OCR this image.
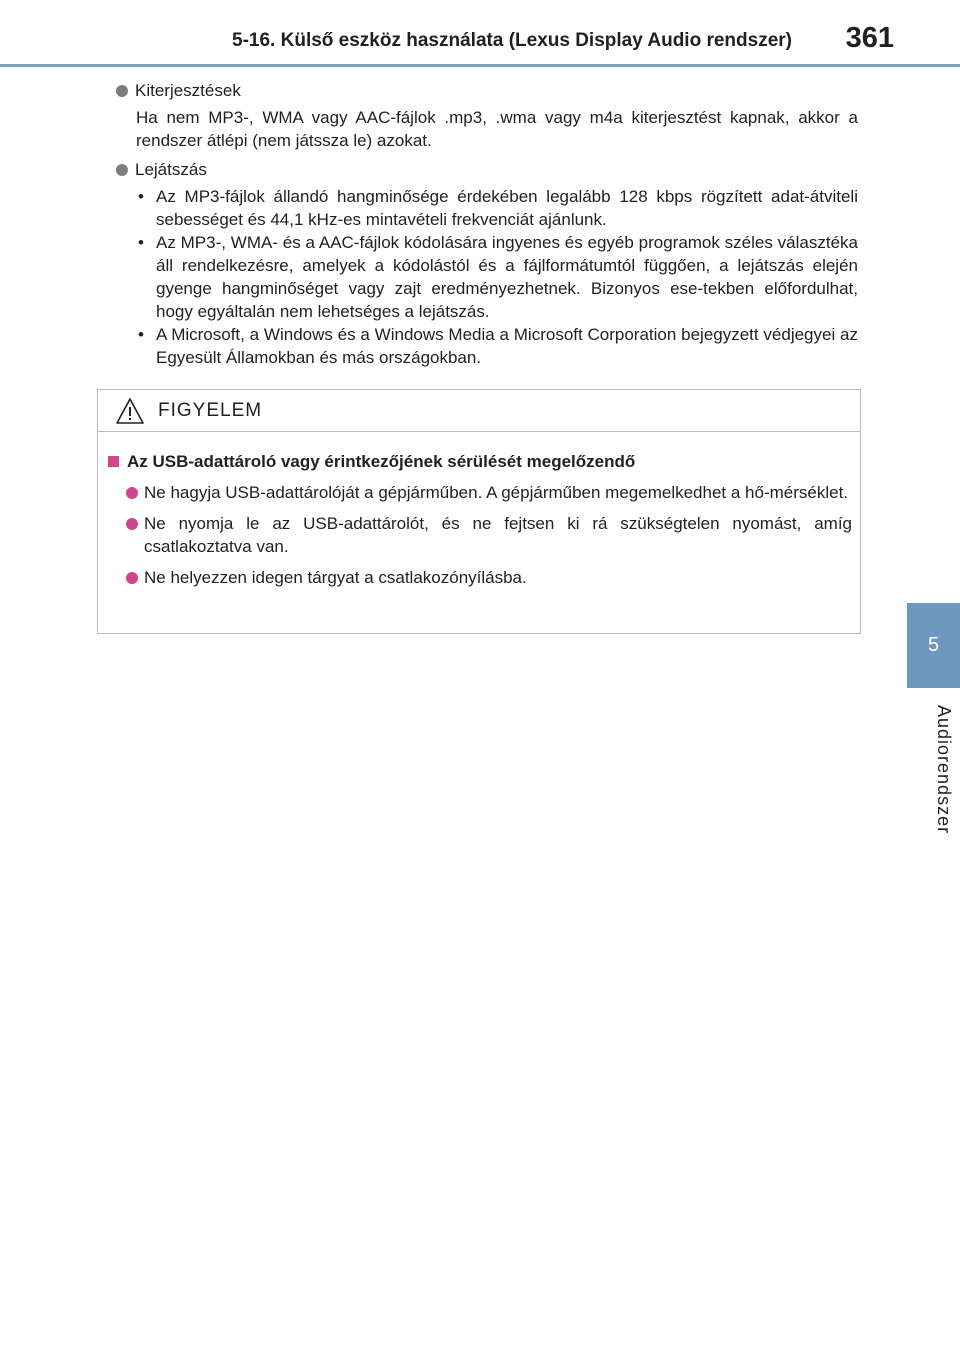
5-16. Külső eszköz használata (Lexus Display Audio rendszer) 361
5
Audiorendszer
Kiterjesztések
Ha nem MP3-, WMA vagy AAC-fájlok .mp3, .wma vagy m4a kiterjesztést kapnak, akkor a rendszer átlépi (nem játssza le) azokat.
Lejátszás
• Az MP3-fájlok állandó hangminősége érdekében legalább 128 kbps rögzített adat-átviteli sebességet és 44,1 kHz-es mintavételi frekvenciát ajánlunk.
• Az MP3-, WMA- és a AAC-fájlok kódolására ingyenes és egyéb programok széles választéka áll rendelkezésre, amelyek a kódolástól és a fájlformátumtól függően, a lejátszás elején gyenge hangminőséget vagy zajt eredményezhetnek. Bizonyos ese-tekben előfordulhat, hogy egyáltalán nem lehetséges a lejátszás.
• A Microsoft, a Windows és a Windows Media a Microsoft Corporation bejegyzett védjegyei az Egyesült Államokban és más országokban.
FIGYELEM
Az USB-adattároló vagy érintkezőjének sérülését megelőzendő
Ne hagyja USB-adattárolóját a gépjárműben. A gépjárműben megemelkedhet a hő-mérséklet.
Ne nyomja le az USB-adattárolót, és ne fejtsen ki rá szükségtelen nyomást, amíg csatlakoztatva van.
Ne helyezzen idegen tárgyat a csatlakozónyílásba.
